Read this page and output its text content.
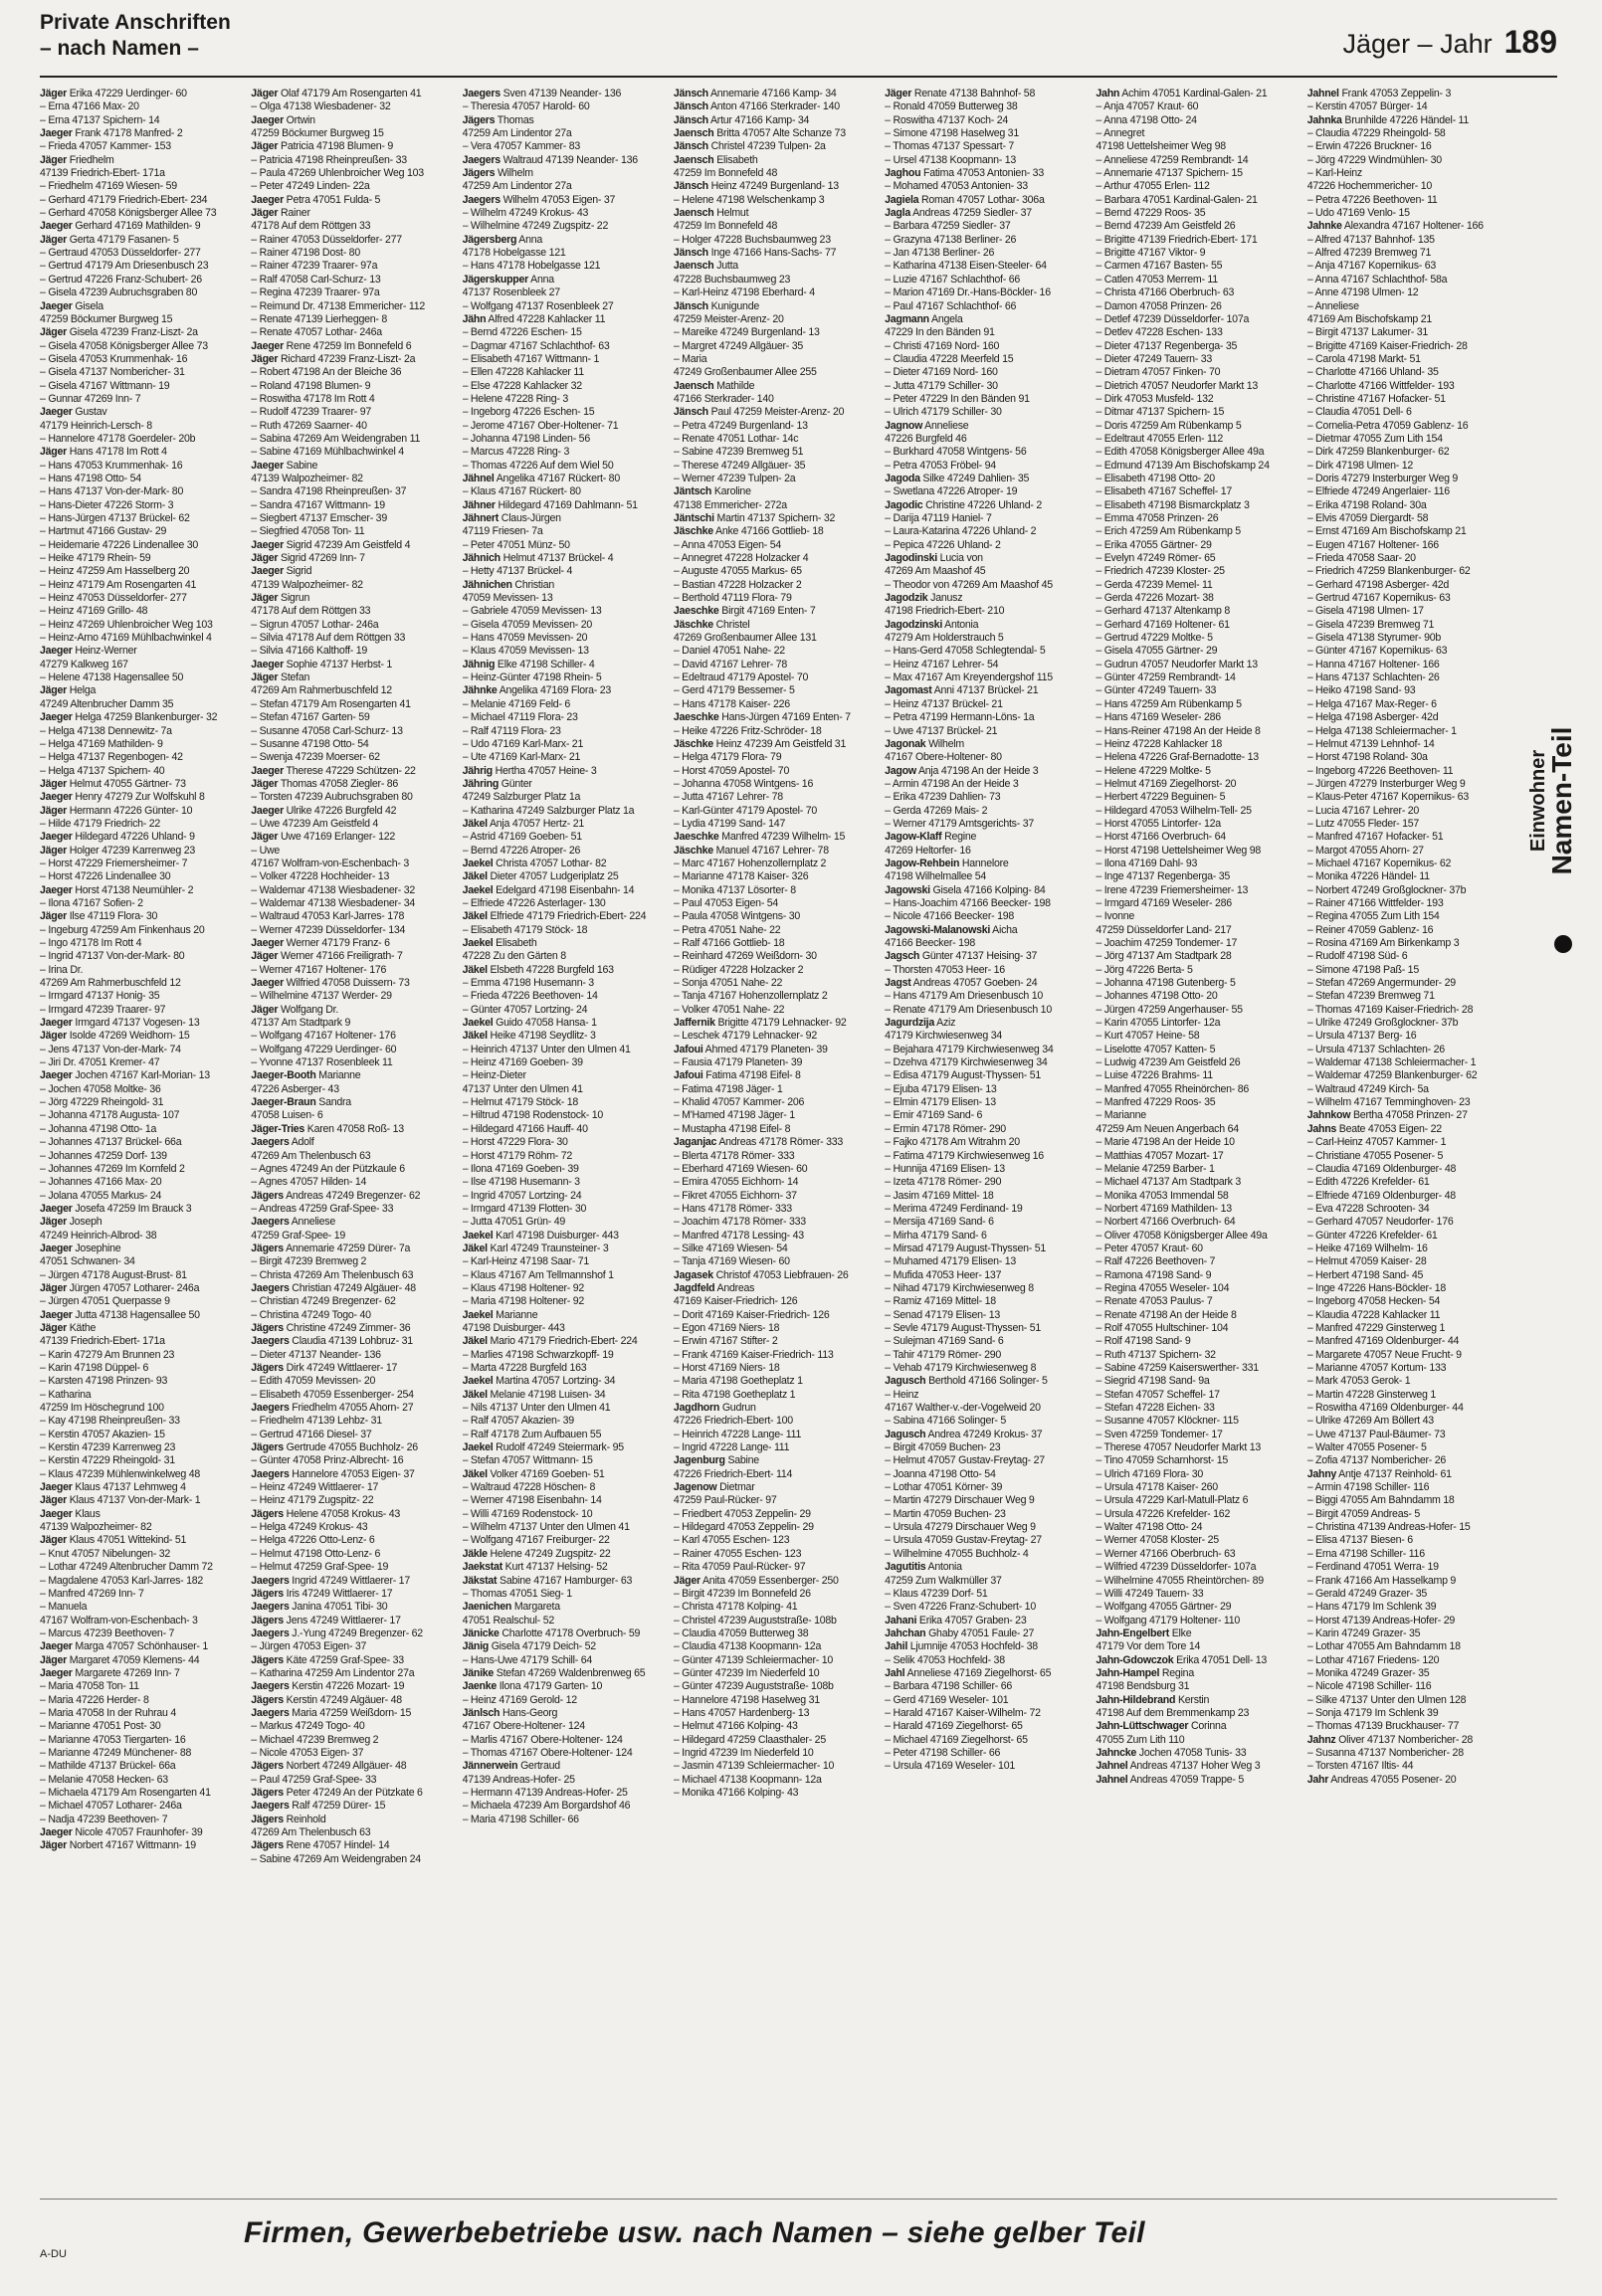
Private Anschriften
– nach Namen –	Jäger – Jahr 189
Jäger Erika 47229 Uerdinger- 60
– Erna 47166 Max- 20
– Erna 47137 Spichern- 14
Jaeger Frank 47178 Manfred- 2
– Frieda 47057 Kammer- 153
Jäger Friedhelm
47139 Friedrich-Ebert- 171a
– Friedhelm 47169 Wiesen- 59
– Gerhard 47179 Friedrich-Ebert- 234
– Gerhard 47058 Königsberger Allee 73
Jaeger Gerhard 47169 Mathilden- 9
Jäger Gerta 47179 Fasanen- 5
– Gertraud 47053 Düsseldorfer- 277
– Gertrud 47179 Am Driesenbusch 23
– Gertrud 47226 Franz-Schubert- 26
– Gisela 47239 Aubruchsgraben 80
Jaeger Gisela
47259 Böckumer Burgweg 15
Jäger Gisela 47239 Franz-Liszt- 2a
– Gisela 47058 Königsberger Allee 73
– Gisela 47053 Krummenhak- 16
– Gisela 47137 Nombericher- 31
– Gisela 47167 Wittmann- 19
– Gunnar 47269 Inn- 7
Jaeger Gustav
47179 Heinrich-Lersch- 8
– Hannelore 47178 Goerdeler- 20b
Jäger Hans 47178 Im Rott 4
– Hans 47053 Krummenhak- 16
– Hans 47198 Otto- 54
– Hans 47137 Von-der-Mark- 80
– Hans-Dieter 47226 Storm- 3
– Hans-Jürgen 47137 Brückel- 62
– Hartmut 47166 Gustav- 29
– Heidemarie 47226 Lindenallee 30
– Heike 47179 Rhein- 59
– Heinz 47259 Am Hasselberg 20
– Heinz 47179 Am Rosengarten 41
– Heinz 47053 Düsseldorfer- 277
– Heinz 47169 Grillo- 48
– Heinz 47269 Uhlenbroicher Weg 103
– Heinz-Arno 47169 Mühlbachwinkel 4
Jaeger Heinz-Werner
47279 Kalkweg 167
– Helene 47138 Hagensallee 50
Jäger Helga
47249 Altenbrucher Damm 35
Jaeger Helga 47259 Blankenburger- 32
– Helga 47138 Dennewitz- 7a
– Helga 47169 Mathilden- 9
– Helga 47137 Regenbogen- 42
– Helga 47137 Spichern- 40
Jäger Helmut 47055 Gärtner- 73
Jaeger Henry 47279 Zur Wolfskuhl 8
Jäger Hermann 47226 Günter- 10
– Hilde 47179 Friedrich- 22
Jaeger Hildegard 47226 Uhland- 9
Jäger Holger 47239 Karrenweg 23
– Horst 47229 Friemersheimer- 7
– Horst 47226 Lindenallee 30
Jaeger Horst 47138 Neumühler- 2
– Ilona 47167 Sofien- 2
Jäger Ilse 47119 Flora- 30
– Ingeburg 47259 Am Finkenhaus 20
– Ingo 47178 Im Rott 4
– Ingrid 47137 Von-der-Mark- 80
– Irina Dr.
47269 Am Rahmerbuschfeld 12
– Irmgard 47137 Honig- 35
– Irmgard 47239 Traarer- 97
Jaeger Irmgard 47137 Vogesen- 13
Jäger Isolde 47269 Weidhorn- 15
– Jens 47137 Von-der-Mark- 74
– Jiri Dr. 47051 Kremer- 47
Jaeger Jochen 47167 Karl-Morian- 13
– Jochen 47058 Moltke- 36
– Jörg 47229 Rheingold- 31
– Johanna 47178 Augusta- 107
– Johanna 47198 Otto- 1a
– Johannes 47137 Brückel- 66a
– Johannes 47259 Dorf- 139
– Johannes 47269 Im Kornfeld 2
– Johannes 47166 Max- 20
– Jolana 47055 Markus- 24
Jaeger Josefa 47259 Im Brauck 3
Jäger Joseph
47249 Heinrich-Albrod- 38
Jaeger Josephine
47051 Schwanen- 34
– Jürgen 47178 August-Brust- 81
Jäger Jürgen 47057 Lotharer- 246a
– Jürgen 47051 Querpasse 9
Jaeger Jutta 47138 Hagensallee 50
Jäger Käthe
47139 Friedrich-Ebert- 171a
– Karin 47279 Am Brunnen 23
– Karin 47198 Düppel- 6
– Karsten 47198 Prinzen- 93
– Katharina
47259 Im Höschegrund 100
– Kay 47198 Rheinpreußen- 33
– Kerstin 47057 Akazien- 15
– Kerstin 47239 Karrenweg 23
– Kerstin 47229 Rheingold- 31
– Klaus 47239 Mühlenwinkelweg 48
Jaeger Klaus 47137 Lehmweg 4
Jäger Klaus 47137 Von-der-Mark- 1
Jaeger Klaus
47139 Walpozheimer- 82
Jäger Klaus 47051 Wittekind- 51
– Knut 47057 Nibelungen- 32
– Lothar 47249 Altenbrucher Damm 72
– Magdalene 47053 Karl-Jarres- 182
– Manfred 47269 Inn- 7
– Manuela
47167 Wolfram-von-Eschenbach- 3
– Marcus 47239 Beethoven- 7
Jaeger Marga 47057 Schönhauser- 1
Jäger Margaret 47059 Klemens- 44
Jaeger Margarete 47269 Inn- 7
– Maria 47058 Ton- 11
– Maria 47226 Herder- 8
– Maria 47058 In der Ruhrau 4
– Marianne 47051 Post- 30
– Marianne 47053 Tiergarten- 16
– Marianne 47249 Münchener- 88
– Mathilde 47137 Brückel- 66a
– Melanie 47058 Hecken- 63
– Michaela 47179 Am Rosengarten 41
– Michael 47057 Lotharer- 246a
– Nadja 47239 Beethoven- 7
Jaeger Nicole 47057 Fraunhofer- 39
Jäger Norbert 47167 Wittmann- 19
Jäger Olaf 47179 Am Rosengarten 41
– Olga 47138 Wiesbadener- 32
Jaeger Ortwin
47259 Böckumer Burgweg 15
Jäger Patricia 47198 Blumen- 9
– Patricia 47198 Rheinpreußen- 33
– Paula 47269 Uhlenbroicher Weg 103
– Peter 47249 Linden- 22a
Jaeger Petra 47051 Fulda- 5
Jäger Rainer
47178 Auf dem Röttgen 33
– Rainer 47053 Düsseldorfer- 277
– Rainer 47198 Dost- 80
– Rainer 47239 Traarer- 97a
– Ralf 47058 Carl-Schurz- 13
– Regina 47239 Traarer- 97a
– Reimund Dr. 47138 Emmericher- 112
– Renate 47139 Lierheggen- 8
– Renate 47057 Lothar- 246a
Jaeger Rene 47259 Im Bonnefeld 6
Jäger Richard 47239 Franz-Liszt- 2a
– Robert 47198 An der Bleiche 36
– Roland 47198 Blumen- 9
– Roswitha 47178 Im Rott 4
– Rudolf 47239 Traarer- 97
– Ruth 47269 Saarner- 40
– Sabina 47269 Am Weidengraben 11
– Sabine 47169 Mühlbachwinkel 4
Jaeger Sabine
47139 Walpozheimer- 82
– Sandra 47198 Rheinpreußen- 37
– Sandra 47167 Wittmann- 19
– Siegbert 47137 Emscher- 39
– Siegfried 47058 Ton- 11
Jaeger Sigrid 47239 Am Geistfeld 4
Jäger Sigrid 47269 Inn- 7
Jaeger Sigrid
47139 Walpozheimer- 82
Jäger Sigrun
47178 Auf dem Röttgen 33
– Sigrun 47057 Lothar- 246a
– Silvia 47178 Auf dem Röttgen 33
– Silvia 47166 Kalthoff- 19
Jaeger Sophie 47137 Herbst- 1
Jäger Stefan
47269 Am Rahmerbuschfeld 12
– Stefan 47179 Am Rosengarten 41
– Stefan 47167 Garten- 59
– Susanne 47058 Carl-Schurz- 13
– Susanne 47198 Otto- 54
– Swenja 47239 Moerser- 62
Jaeger Therese 47229 Schützen- 22
Jäger Thomas 47058 Ziegler- 86
– Torsten 47239 Aubruchsgraben 80
Jaeger Ulrike 47226 Burgfeld 42
– Uwe 47239 Am Geistfeld 4
Jäger Uwe 47169 Erlanger- 122
– Uwe
47167 Wolfram-von-Eschenbach- 3
– Volker 47228 Hochheider- 13
– Waldemar 47138 Wiesbadener- 32
– Waldemar 47138 Wiesbadener- 34
– Waltraud 47053 Karl-Jarres- 178
– Werner 47239 Düsseldorfer- 134
Jaeger Werner 47179 Franz- 6
Jäger Werner 47166 Freiligrath- 7
– Werner 47167 Holtener- 176
Jaeger Wilfried 47058 Duissern- 73
– Wilhelmine 47137 Werder- 29
Jäger Wolfgang Dr.
47137 Am Stadtpark 9
– Wolfgang 47167 Holtener- 176
– Wolfgang 47229 Uerdinger- 60
– Yvonne 47137 Rosenbleek 11
Jaeger-Booth Marianne
47226 Asberger- 43
Jaeger-Braun Sandra
47058 Luisen- 6
Jäger-Tries Karen 47058 Roß- 13
Jaegers Adolf
47269 Am Thelenbusch 63
– Agnes 47249 An der Pützkaule 6
– Agnes 47057 Hilden- 14
Jägers Andreas 47249 Bregenzer- 62
– Andreas 47259 Graf-Spee- 33
Jaegers Anneliese
47259 Graf-Spee- 19
Jägers Annemarie 47259 Dürer- 7a
– Birgit 47239 Bremweg 2
– Christa 47269 Am Thelenbusch 63
Jaegers Christian 47249 Algäuer- 48
– Christian 47249 Bregenzer- 62
– Christina 47249 Togo- 40
Jägers Christine 47249 Zimmer- 36
Jaegers Claudia 47139 Lohbruz- 31
– Dieter 47137 Neander- 136
Jägers Dirk 47249 Wittlaerer- 17
– Edith 47059 Mevissen- 20
– Elisabeth 47059 Essenberger- 254
Jaegers Friedhelm 47055 Ahorn- 27
– Friedhelm 47139 Lehbz- 31
– Gertrud 47166 Diesel- 37
Jägers Gertrude 47055 Buchholz- 26
– Günter 47058 Prinz-Albrecht- 16
Jaegers Hannelore 47053 Eigen- 37
– Heinz 47249 Wittlaerer- 17
– Heinz 47179 Zugspitz- 22
Jägers Helene 47058 Krokus- 43
– Helga 47249 Krokus- 43
– Helga 47226 Otto-Lenz- 6
– Helmut 47198 Otto-Lenz- 6
– Helmut 47259 Graf-Spee- 19
Jaegers Ingrid 47249 Wittlaerer- 17
Jägers Iris 47249 Wittlaerer- 17
Jaegers Janina 47051 Tibi- 30
Jägers Jens 47249 Wittlaerer- 17
Jaegers J.-Yung 47249 Bregenzer- 62
– Jürgen 47053 Eigen- 37
Jägers Käte 47259 Graf-Spee- 33
– Katharina 47259 Am Lindentor 27a
Jaegers Kerstin 47226 Mozart- 19
Jägers Kerstin 47249 Algäuer- 48
Jaegers Maria 47259 Weißdorn- 15
– Markus 47249 Togo- 40
– Michael 47239 Bremweg 2
– Nicole 47053 Eigen- 37
Jägers Norbert 47249 Allgäuer- 48
– Paul 47259 Graf-Spee- 33
Jägers Peter 47249 An der Pützkate 6
Jaegers Ralf 47259 Dürer- 15
Jägers Reinhold
47269 Am Thelenbusch 63
Jägers Rene 47057 Hindel- 14
– Sabine 47269 Am Weidengraben 24
Jaegers Sven 47139 Neander- 136
– Theresia 47057 Harold- 60
Jägers Thomas
47259 Am Lindentor 27a
– Vera 47057 Kammer- 83
Jaegers Waltraud 47139 Neander- 136
Jägers Wilhelm
47259 Am Lindentor 27a
Jaegers Wilhelm 47053 Eigen- 37
– Wilhelm 47249 Krokus- 43
– Wilhelmine 47249 Zugspitz- 22
Jägersberg Anna
47178 Hobelgasse 121
– Hans 47178 Hobelgasse 121
Jägerskupper Anna
47137 Rosenbleek 27
– Wolfgang 47137 Rosenbleek 27
Jähn Alfred 47228 Kahlacker 11
– Bernd 47226 Eschen- 15
– Dagmar 47167 Schlachthof- 63
– Elisabeth 47167 Wittmann- 1
– Ellen 47228 Kahlacker 11
– Else 47228 Kahlacker 32
– Helene 47228 Ring- 3
– Ingeborg 47226 Eschen- 15
– Jerome 47167 Ober-Holtener- 71
– Johanna 47198 Linden- 56
– Marcus 47228 Ring- 3
– Thomas 47226 Auf dem Wiel 50
Jähnel Angelika 47167 Rückert- 80
– Klaus 47167 Rückert- 80
Jähner Hildegard 47169 Dahlmann- 51
Jähnert Claus-Jürgen
47119 Friesen- 7a
– Peter 47051 Münz- 50
Jähnich Helmut 47137 Brückel- 4
– Hetty 47137 Brückel- 4
Jähnichen Christian
47059 Mevissen- 13
– Gabriele 47059 Mevissen- 13
– Gisela 47059 Mevissen- 20
– Hans 47059 Mevissen- 20
– Klaus 47059 Mevissen- 13
Jähnig Elke 47198 Schiller- 4
– Heinz-Günter 47198 Rhein- 5
Jähnke Angelika 47169 Flora- 23
– Melanie 47169 Feld- 6
– Michael 47119 Flora- 23
– Ralf 47119 Flora- 23
– Udo 47169 Karl-Marx- 21
– Ute 47169 Karl-Marx- 21
Jährig Hertha 47057 Heine- 3
Jähring Günter
47249 Salzburger Platz 1a
– Katharina 47249 Salzburger Platz 1a
Jäkel Anja 47057 Hertz- 21
– Astrid 47169 Goeben- 51
– Bernd 47226 Atroper- 26
Jaekel Christa 47057 Lothar- 82
Jäkel Dieter 47057 Ludgeriplatz 25
Jaekel Edelgard 47198 Eisenbahn- 14
– Elfriede 47226 Asterlager- 130
Jäkel Elfriede 47179 Friedrich-Ebert- 224
– Elisabeth 47179 Stöck- 18
Jaekel Elisabeth
47228 Zu den Gärten 8
Jäkel Elsbeth 47228 Burgfeld 163
– Emma 47198 Husemann- 3
– Frieda 47226 Beethoven- 14
– Günter 47057 Lortzing- 24
Jaekel Guido 47058 Hansa- 1
Jäkel Heike 47198 Seydlitz- 3
– Heinrich 47137 Unter den Ulmen 41
– Heinz 47169 Goeben- 39
– Heinz-Dieter
47137 Unter den Ulmen 41
– Helmut 47179 Stöck- 18
– Hiltrud 47198 Rodenstock- 10
– Hildegard 47166 Hauff- 40
– Horst 47229 Flora- 30
– Horst 47179 Röhm- 72
– Ilona 47169 Goeben- 39
– Ilse 47198 Husemann- 3
– Ingrid 47057 Lortzing- 24
– Irmgard 47139 Flotten- 30
– Jutta 47051 Grün- 49
Jaekel Karl 47198 Duisburger- 443
Jäkel Karl 47249 Traunsteiner- 3
– Karl-Heinz 47198 Saar- 71
– Klaus 47167 Am Tellmannshof 1
– Klaus 47198 Holtener- 92
– Maria 47198 Holtener- 92
Jaekel Marianne
47198 Duisburger- 443
Jäkel Mario 47179 Friedrich-Ebert- 224
– Marlies 47198 Schwarzkopff- 19
– Marta 47228 Burgfeld 163
Jaekel Martina 47057 Lortzing- 34
Jäkel Melanie 47198 Luisen- 34
– Nils 47137 Unter den Ulmen 41
– Ralf 47057 Akazien- 39
– Ralf 47178 Zum Aufbauen 55
Jaekel Rudolf 47249 Steiermark- 95
– Stefan 47057 Wittmann- 15
Jäkel Volker 47169 Goeben- 51
– Waltraud 47228 Höschen- 8
– Werner 47198 Eisenbahn- 14
– Willi 47169 Rodenstock- 10
– Wilhelm 47137 Unter den Ulmen 41
– Wolfgang 47167 Freiburger- 22
Jäkle Helene 47249 Zugspitz- 22
Jaekstat Kurt 47137 Helsing- 52
Jäkstat Sabine 47167 Hamburger- 63
– Thomas 47051 Sieg- 1
Jaenichen Margareta
47051 Realschul- 52
Jänicke Charlotte 47178 Overbruch- 59
Jänig Gisela 47179 Deich- 52
– Hans-Uwe 47179 Schill- 64
Jänike Stefan 47269 Waldenbrenweg 65
Jaenke Ilona 47179 Garten- 10
– Heinz 47169 Gerold- 12
Jänlsch Hans-Georg
47167 Obere-Holtener- 124
– Marlis 47167 Obere-Holtener- 124
– Thomas 47167 Obere-Holtener- 124
Jännerwein Gertraud
47139 Andreas-Hofer- 25
– Hermann 47139 Andreas-Hofer- 25
– Michaela 47239 Am Borgardshof 46
– Maria 47198 Schiller- 66
Jänsch Annemarie 47166 Kamp- 34
Jänsch Anton 47166 Sterkrader- 140
Jänsch Artur 47166 Kamp- 34
Jaensch Britta 47057 Alte Schanze 73
Jänsch Christel 47239 Tulpen- 2a
Jaensch Elisabeth
47259 Im Bonnefeld 48
Jänsch Heinz 47249 Burgenland- 13
– Helene 47198 Welschenkamp 3
Jaensch Helmut
47259 Im Bonnefeld 48
– Holger 47228 Buchsbaumweg 23
Jänsch Inge 47166 Hans-Sachs- 77
Jaensch Jutta
47228 Buchsbaumweg 23
– Karl-Heinz 47198 Eberhard- 4
Jänsch Kunigunde
47259 Meister-Arenz- 20
– Mareike 47249 Burgenland- 13
– Margret 47249 Allgäuer- 35
– Maria
47249 Großenbaumer Allee 255
Jaensch Mathilde
47166 Sterkrader- 140
Jänsch Paul 47259 Meister-Arenz- 20
– Petra 47249 Burgenland- 13
– Renate 47051 Lothar- 14c
– Sabine 47239 Bremweg 51
– Therese 47249 Allgäuer- 35
– Werner 47239 Tulpen- 2a
Jäntsch Karoline
47138 Emmericher- 272a
Jäntschi Martin 47137 Spichern- 32
Jäschke Anke 47166 Gottlieb- 18
– Anna 47053 Eigen- 54
– Annegret 47228 Holzacker 4
– Auguste 47055 Markus- 65
– Bastian 47228 Holzacker 2
– Berthold 47119 Flora- 79
Jaeschke Birgit 47169 Enten- 7
Jäschke Christel
47269 Großenbaumer Allee 131
– Daniel 47051 Nahe- 22
– David 47167 Lehrer- 78
– Edeltraud 47179 Apostel- 70
– Gerd 47179 Bessemer- 5
– Hans 47178 Kaiser- 226
Jaeschke Hans-Jürgen 47169 Enten- 7
– Heike 47226 Fritz-Schröder- 18
Jäschke Heinz 47239 Am Geistfeld 31
– Helga 47179 Flora- 79
– Horst 47059 Apostel- 70
– Johanna 47058 Wintgens- 16
– Jutta 47167 Lehrer- 78
– Karl-Günter 47179 Apostel- 70
– Lydia 47199 Sand- 147
Jaeschke Manfred 47239 Wilhelm- 15
Jäschke Manuel 47167 Lehrer- 78
– Marc 47167 Hohenzollernplatz 2
– Marianne 47178 Kaiser- 326
– Monika 47137 Lösorter- 8
– Paul 47053 Eigen- 54
– Paula 47058 Wintgens- 30
– Petra 47051 Nahe- 22
– Ralf 47166 Gottlieb- 18
– Reinhard 47269 Weißdorn- 30
– Rüdiger 47228 Holzacker 2
– Sonja 47051 Nahe- 22
– Tanja 47167 Hohenzollernplatz 2
– Volker 47051 Nahe- 22
Jaffernik Brigitte 47179 Lehnacker- 92
– Leschek 47179 Lehnacker- 92
Jafoui Ahmed 47179 Planeten- 39
– Fausia 47179 Planeten- 39
Jafoui Fatima 47198 Eifel- 8
– Fatima 47198 Jäger- 1
– Khalid 47057 Kammer- 206
– M'Hamed 47198 Jäger- 1
– Mustapha 47198 Eifel- 8
Jaganjac Andreas 47178 Römer- 333
– Blerta 47178 Römer- 333
– Eberhard 47169 Wiesen- 60
– Emira 47055 Eichhorn- 14
– Fikret 47055 Eichhorn- 37
– Hans 47178 Römer- 333
– Joachim 47178 Römer- 333
– Manfred 47178 Lessing- 43
– Silke 47169 Wiesen- 54
– Tanja 47169 Wiesen- 60
Jagasek Christof 47053 Liebfrauen- 26
Jagdfeld Andreas
47169 Kaiser-Friedrich- 126
– Dorit 47169 Kaiser-Friedrich- 126
– Egon 47169 Niers- 18
– Erwin 47167 Stifter- 2
– Frank 47169 Kaiser-Friedrich- 113
– Horst 47169 Niers- 18
– Maria 47198 Goetheplatz 1
– Rita 47198 Goetheplatz 1
Jagdhorn Gudrun
47226 Friedrich-Ebert- 100
– Heinrich 47228 Lange- 111
– Ingrid 47228 Lange- 111
Jagenburg Sabine
47226 Friedrich-Ebert- 114
Jagenow Dietmar
47259 Paul-Rücker- 97
– Friedbert 47053 Zeppelin- 29
– Hildegard 47053 Zeppelin- 29
– Karl 47055 Eschen- 123
– Rainer 47055 Eschen- 123
– Rita 47059 Paul-Rücker- 97
Jäger Anita 47059 Essenberger- 250
– Birgit 47239 Im Bonnefeld 26
– Christa 47178 Kolping- 41
– Christel 47239 Auguststraße- 108b
– Claudia 47059 Butterweg 38
– Claudia 47138 Koopmann- 12a
– Günter 47139 Schleiermacher- 10
– Günter 47239 Im Niederfeld 10
– Günter 47239 Auguststraße- 108b
– Hannelore 47198 Haselweg 31
– Hans 47057 Hardenberg- 13
– Helmut 47166 Kolping- 43
– Hildegard 47259 Claasthaler- 25
– Ingrid 47239 Im Niederfeld 10
– Jasmin 47139 Schleiermacher- 10
– Michael 47138 Koopmann- 12a
– Monika 47166 Kolping- 43
Jäger Renate 47138 Bahnhof- 58
– Ronald 47059 Butterweg 38
– Roswitha 47137 Koch- 24
– Simone 47198 Haselweg 31
– Thomas 47137 Spessart- 7
– Ursel 47138 Koopmann- 13
Jaghou Fatima 47053 Antonien- 33
– Mohamed 47053 Antonien- 33
Jagiela Roman 47057 Lothar- 306a
Jagla Andreas 47259 Siedler- 37
– Barbara 47259 Siedler- 37
– Grazyna 47138 Berliner- 26
– Jan 47138 Berliner- 26
– Katharina 47138 Eisen-Steeler- 64
– Luzie 47167 Schlachthof- 66
– Marion 47169 Dr.-Hans-Böckler- 16
– Paul 47167 Schlachthof- 66
Jagmann Angela
47229 In den Bänden 91
– Christi 47169 Nord- 160
– Claudia 47228 Meerfeld 15
– Dieter 47169 Nord- 160
– Jutta 47179 Schiller- 30
– Peter 47229 In den Bänden 91
– Ulrich 47179 Schiller- 30
Jagnow Anneliese
47226 Burgfeld 46
– Burkhard 47058 Wintgens- 56
– Petra 47053 Fröbel- 94
Jagoda Silke 47249 Dahlien- 35
– Swetlana 47226 Atroper- 19
Jagodic Christine 47226 Uhland- 2
– Darija 47119 Haniel- 7
– Laura-Katarina 47226 Uhland- 2
– Pepica 47226 Uhland- 2
Jagodinski Lucia von
47269 Am Maashof 45
– Theodor von 47269 Am Maashof 45
Jagodzik Janusz
47198 Friedrich-Ebert- 210
Jagodzinski Antonia
47279 Am Holderstrauch 5
– Hans-Gerd 47058 Schlegtendal- 5
– Heinz 47167 Lehrer- 54
– Max 47167 Am Kreyendergshof 115
Jagomast Anni 47137 Brückel- 21
– Heinz 47137 Brückel- 21
– Petra 47199 Hermann-Löns- 1a
– Uwe 47137 Brückel- 21
Jagonak Wilhelm
47167 Obere-Holtener- 80
Jagow Anja 47198 An der Heide 3
– Armin 47198 An der Heide 3
– Erika 47239 Dahlien- 73
– Gerda 47269 Mais- 2
– Werner 47179 Amtsgerichts- 37
Jagow-Klaff Regine
47269 Heltorfer- 16
Jagow-Rehbein Hannelore
47198 Wilhelmallee 54
Jagowski Gisela 47166 Kolping- 84
– Hans-Joachim 47166 Beecker- 198
– Nicole 47166 Beecker- 198
Jagowski-Malanowski Aicha
47166 Beecker- 198
Jagsch Günter 47137 Heising- 37
– Thorsten 47053 Heer- 16
Jagst Andreas 47057 Goeben- 24
– Hans 47179 Am Driesenbusch 10
– Renate 47179 Am Driesenbusch 10
Jagurdzija Aziz
47179 Kirchwiesenweg 34
– Bejahara 47179 Kirchwiesenweg 34
– Dzehva 47179 Kirchwiesenweg 34
– Edisa 47179 August-Thyssen- 51
– Ejuba 47179 Elisen- 13
– Elmin 47179 Elisen- 13
– Emir 47169 Sand- 6
– Ermin 47178 Römer- 290
– Fajko 47178 Am Witrahm 20
– Fatima 47179 Kirchwiesenweg 16
– Hunnija 47169 Elisen- 13
– Izeta 47178 Römer- 290
– Jasim 47169 Mittel- 18
– Merima 47249 Ferdinand- 19
– Mersija 47169 Sand- 6
– Mirha 47179 Sand- 6
– Mirsad 47179 August-Thyssen- 51
– Muhamed 47179 Elisen- 13
– Mufida 47053 Heer- 137
– Nihad 47179 Kirchwiesenweg 8
– Ramiz 47169 Mittel- 18
– Senad 47179 Elisen- 13
– Sevle 47179 August-Thyssen- 51
– Sulejman 47169 Sand- 6
– Tahir 47179 Römer- 290
– Vehab 47179 Kirchwiesenweg 8
Jagusch Berthold 47166 Solinger- 5
– Heinz
47167 Walther-v.-der-Vogelweid 20
– Sabina 47166 Solinger- 5
Jagusch Andrea 47249 Krokus- 37
– Birgit 47059 Buchen- 23
– Helmut 47057 Gustav-Freytag- 27
– Joanna 47198 Otto- 54
– Lothar 47051 Körner- 39
– Martin 47279 Dirschauer Weg 9
– Martin 47059 Buchen- 23
– Ursula 47279 Dirschauer Weg 9
– Ursula 47059 Gustav-Freytag- 27
– Wilhelmine 47055 Buchholz- 4
Jagutitis Antonia
47259 Zum Walkmüller 37
– Klaus 47239 Dorf- 51
– Sven 47226 Franz-Schubert- 10
Jahani Erika 47057 Graben- 23
Jahchan Ghaby 47051 Faule- 27
Jahil Ljumnije 47053 Hochfeld- 38
– Selik 47053 Hochfeld- 38
Jahl Anneliese 47169 Ziegelhorst- 65
– Barbara 47198 Schiller- 66
– Gerd 47169 Weseler- 101
– Harald 47167 Kaiser-Wilhelm- 72
– Harald 47169 Ziegelhorst- 65
– Michael 47169 Ziegelhorst- 65
– Peter 47198 Schiller- 66
– Ursula 47169 Weseler- 101
Jahn Achim 47051 Kardinal-Galen- 21
– Anja 47057 Kraut- 60
– Anna 47198 Otto- 24
– Annegret
47198 Uettelsheimer Weg 98
– Anneliese 47259 Rembrandt- 14
– Annemarie 47137 Spichern- 15
– Arthur 47055 Erlen- 112
– Barbara 47051 Kardinal-Galen- 21
– Bernd 47229 Roos- 35
– Bernd 47239 Am Geistfeld 26
– Brigitte 47139 Friedrich-Ebert- 171
– Brigitte 47167 Viktor- 9
– Carmen 47167 Basten- 55
– Catlen 47053 Merrem- 11
– Christa 47166 Oberbruch- 63
– Damon 47058 Prinzen- 26
– Detlef 47239 Düsseldorfer- 107a
– Detlev 47228 Eschen- 133
– Dieter 47137 Regenberga- 35
– Dieter 47249 Tauern- 33
– Dietram 47057 Finken- 70
– Dietrich 47057 Neudorfer Markt 13
– Dirk 47053 Musfeld- 132
– Ditmar 47137 Spichern- 15
– Doris 47259 Am Rübenkamp 5
– Edeltraut 47055 Erlen- 112
– Edith 47058 Königsberger Allee 49a
– Edmund 47139 Am Bischofskamp 24
– Elisabeth 47198 Otto- 20
– Elisabeth 47167 Scheffel- 17
– Elisabeth 47198 Bismarckplatz 3
– Emma 47058 Prinzen- 26
– Erich 47259 Am Rübenkamp 5
– Erika 47055 Gärtner- 29
– Evelyn 47249 Römer- 65
– Friedrich 47239 Kloster- 25
– Gerda 47239 Memel- 11
– Gerda 47226 Mozart- 38
– Gerhard 47137 Altenkamp 8
– Gerhard 47169 Holtener- 61
– Gertrud 47229 Moltke- 5
– Gisela 47055 Gärtner- 29
– Gudrun 47057 Neudorfer Markt 13
– Günter 47259 Rembrandt- 14
– Günter 47249 Tauern- 33
– Hans 47259 Am Rübenkamp 5
– Hans 47169 Weseler- 286
– Hans-Reiner 47198 An der Heide 8
– Heinz 47228 Kahlacker 18
– Helena 47226 Graf-Bernadotte- 13
– Helene 47229 Moltke- 5
– Helmut 47169 Ziegelhorst- 20
– Herbert 47229 Beguinen- 5
– Hildegard 47053 Wilhelm-Tell- 25
– Horst 47055 Lintorfer- 12a
– Horst 47166 Overbruch- 64
– Horst 47198 Uettelsheimer Weg 98
– Ilona 47169 Dahl- 93
– Inge 47137 Regenberga- 35
– Irene 47239 Friemersheimer- 13
– Irmgard 47169 Weseler- 286
– Ivonne
47259 Düsseldorfer Land- 217
– Joachim 47259 Tondemer- 17
– Jörg 47137 Am Stadtpark 28
– Jörg 47226 Berta- 5
– Johanna 47198 Gutenberg- 5
– Johannes 47198 Otto- 20
– Jürgen 47259 Angerhauser- 55
– Karin 47055 Lintorfer- 12a
– Kurt 47057 Heine- 58
– Liselotte 47057 Katten- 5
– Ludwig 47239 Am Geistfeld 26
– Luise 47226 Brahms- 11
– Manfred 47055 Rheinörchen- 86
– Manfred 47229 Roos- 35
– Marianne
47259 Am Neuen Angerbach 64
– Marie 47198 An der Heide 10
– Matthias 47057 Mozart- 17
– Melanie 47259 Barber- 1
– Michael 47137 Am Stadtpark 3
– Monika 47053 Immendal 58
– Norbert 47169 Mathilden- 13
– Norbert 47166 Overbruch- 64
– Oliver 47058 Königsberger Allee 49a
– Peter 47057 Kraut- 60
– Ralf 47226 Beethoven- 7
– Ramona 47198 Sand- 9
– Regina 47055 Weseler- 104
– Renate 47053 Paulus- 7
– Renate 47198 An der Heide 8
– Rolf 47055 Hultschiner- 104
– Rolf 47198 Sand- 9
– Ruth 47137 Spichern- 32
– Sabine 47259 Kaiserswerther- 331
– Siegrid 47198 Sand- 9a
– Stefan 47057 Scheffel- 17
– Stefan 47228 Eichen- 33
– Susanne 47057 Klöckner- 115
– Sven 47259 Tondemer- 17
– Therese 47057 Neudorfer Markt 13
– Tino 47059 Scharnhorst- 15
– Ulrich 47169 Flora- 30
– Ursula 47178 Kaiser- 260
– Ursula 47229 Karl-Matull-Platz 6
– Ursula 47226 Krefelder- 162
– Walter 47198 Otto- 24
– Werner 47058 Kloster- 25
– Werner 47166 Oberbruch- 63
– Wilfried 47239 Düsseldorfer- 107a
– Wilhelmine 47055 Rheintörchen- 89
– Willi 47249 Tauern- 33
– Wolfgang 47055 Gärtner- 29
– Wolfgang 47179 Holtener- 110
Jahn-Engelbert Elke
47179 Vor dem Tore 14
Jahn-Gdowczok Erika 47051 Dell- 13
Jahn-Hampel Regina
47198 Bendsburg 31
Jahn-Hildebrand Kerstin
47198 Auf dem Bremmenkamp 23
Jahn-Lüttschwager Corinna
47055 Zum Lith 110
Jahncke Jochen 47058 Tunis- 33
Jahnel Andreas 47137 Hoher Weg 3
Jahnel Andreas 47059 Trappe- 5
Jahnel Frank 47053 Zeppelin- 3
– Kerstin 47057 Bürger- 14
Jahnka Brunhilde 47226 Händel- 11
– Claudia 47229 Rheingold- 58
– Erwin 47226 Bruckner- 16
– Jörg 47229 Windmühlen- 30
– Karl-Heinz
47226 Hochemmericher- 10
– Petra 47226 Beethoven- 11
– Udo 47169 Venlo- 15
Jahnke Alexandra 47167 Holtener- 166
– Alfred 47137 Bahnhof- 135
– Alfred 47239 Bremweg 71
– Anja 47167 Kopernikus- 63
– Anna 47167 Schlachthof- 58a
– Anne 47198 Ulmen- 12
– Anneliese
47169 Am Bischofskamp 21
– Birgit 47137 Lakumer- 31
– Brigitte 47169 Kaiser-Friedrich- 28
– Carola 47198 Markt- 51
– Charlotte 47166 Uhland- 35
– Charlotte 47166 Wittfelder- 193
– Christine 47167 Hofacker- 51
– Claudia 47051 Dell- 6
– Cornelia-Petra 47059 Gablenz- 16
– Dietmar 47055 Zum Lith 154
– Dirk 47259 Blankenburger- 62
– Dirk 47198 Ulmen- 12
– Doris 47279 Insterburger Weg 9
– Elfriede 47249 Angerlaier- 116
– Erika 47198 Roland- 30a
– Elvis 47059 Diergardt- 58
– Ernst 47169 Am Bischofskamp 21
– Eugen 47167 Holtener- 166
– Frieda 47058 Saar- 20
– Friedrich 47259 Blankenburger- 62
– Gerhard 47198 Asberger- 42d
– Gertrud 47167 Kopernikus- 63
– Gisela 47198 Ulmen- 17
– Gisela 47239 Bremweg 71
– Gisela 47138 Styrumer- 90b
– Günter 47167 Kopernikus- 63
– Hanna 47167 Holtener- 166
– Hans 47137 Schlachten- 26
– Heiko 47198 Sand- 93
– Helga 47167 Max-Reger- 6
– Helga 47198 Asberger- 42d
– Helga 47138 Schleiermacher- 1
– Helmut 47139 Lehnhof- 14
– Horst 47198 Roland- 30a
– Ingeborg 47226 Beethoven- 11
– Jürgen 47279 Insterburger Weg 9
– Klaus-Peter 47167 Kopernikus- 63
– Lucia 47167 Lehrer- 20
– Lutz 47055 Fleder- 157
– Manfred 47167 Hofacker- 51
– Margot 47055 Ahorn- 27
– Michael 47167 Kopernikus- 62
– Monika 47226 Händel- 11
– Norbert 47249 Großglockner- 37b
– Rainer 47166 Wittfelder- 193
– Regina 47055 Zum Lith 154
– Reiner 47059 Gablenz- 16
– Rosina 47169 Am Birkenkamp 3
– Rudolf 47198 Süd- 6
– Simone 47198 Paß- 15
– Stefan 47269 Angermunder- 29
– Stefan 47239 Bremweg 71
– Thomas 47169 Kaiser-Friedrich- 28
– Ulrike 47249 Großglockner- 37b
– Ursula 47137 Berg- 16
– Ursula 47137 Schlachten- 26
– Waldemar 47138 Schleiermacher- 1
– Waldemar 47259 Blankenburger- 62
– Waltraud 47249 Kirch- 5a
– Wilhelm 47167 Temminghoven- 23
Jahnkow Bertha 47058 Prinzen- 27
Jahns Beate 47053 Eigen- 22
– Carl-Heinz 47057 Kammer- 1
– Christiane 47055 Posener- 5
– Claudia 47169 Oldenburger- 48
– Edith 47226 Krefelder- 61
– Elfriede 47169 Oldenburger- 48
– Eva 47228 Schrooten- 34
– Gerhard 47057 Neudorfer- 176
– Günter 47226 Krefelder- 61
– Heike 47169 Wilhelm- 16
– Helmut 47059 Kaiser- 28
– Herbert 47198 Sand- 45
– Inge 47226 Hans-Böckler- 18
– Ingeborg 47058 Hecken- 54
– Klaudia 47228 Kahlacker 11
– Manfred 47229 Ginsterweg 1
– Manfred 47169 Oldenburger- 44
– Margarete 47057 Neue Frucht- 9
– Marianne 47057 Kortum- 133
– Mark 47053 Gerok- 1
– Martin 47228 Ginsterweg 1
– Roswitha 47169 Oldenburger- 44
– Ulrike 47269 Am Böllert 43
– Uwe 47137 Paul-Bäumer- 73
– Walter 47055 Posener- 5
– Zofia 47137 Nombericher- 26
Jahny Antje 47137 Reinhold- 61
– Armin 47198 Schiller- 116
– Biggi 47055 Am Bahndamm 18
– Birgit 47059 Andreas- 5
– Christina 47139 Andreas-Hofer- 15
– Elisa 47137 Biesen- 6
– Erna 47198 Schiller- 116
– Ferdinand 47051 Werra- 19
– Frank 47166 Am Hasselkamp 9
– Gerald 47249 Grazer- 35
– Hans 47179 Im Schlenk 39
– Horst 47139 Andreas-Hofer- 29
– Karin 47249 Grazer- 35
– Lothar 47055 Am Bahndamm 18
– Lothar 47167 Friedens- 120
– Monika 47249 Grazer- 35
– Nicole 47198 Schiller- 116
– Silke 47137 Unter den Ulmen 128
– Sonja 47179 Im Schlenk 39
– Thomas 47139 Bruckhauser- 77
Jahnz Oliver 47137 Nombericher- 28
– Susanna 47137 Nombericher- 28
– Torsten 47167 Iltis- 44
Jahr Andreas 47055 Posener- 20
Einwohner
Namen-Teil
Firmen, Gewerbebetriebe usw. nach Namen – siehe gelber Teil
A-DU
